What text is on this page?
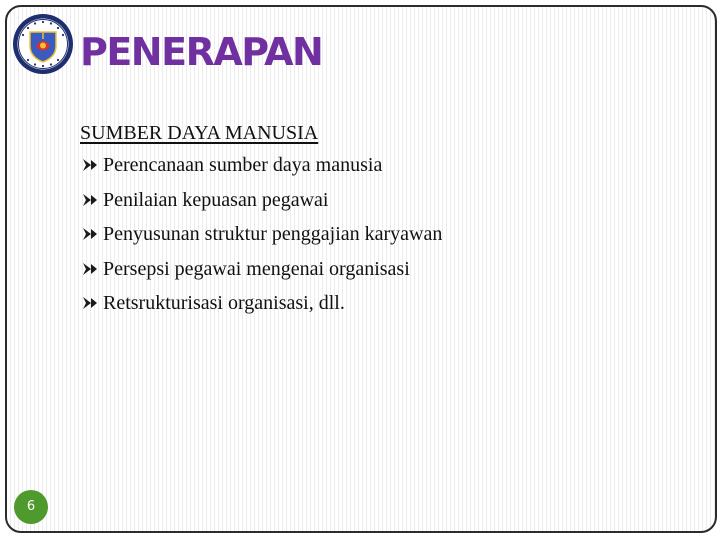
PENERAPAN
SUMBER DAYA MANUSIA
Perencanaan sumber daya manusia
Penilaian kepuasan pegawai
Penyusunan struktur penggajian karyawan
Persepsi pegawai mengenai organisasi
Retsrukturisasi organisasi, dll.
6
